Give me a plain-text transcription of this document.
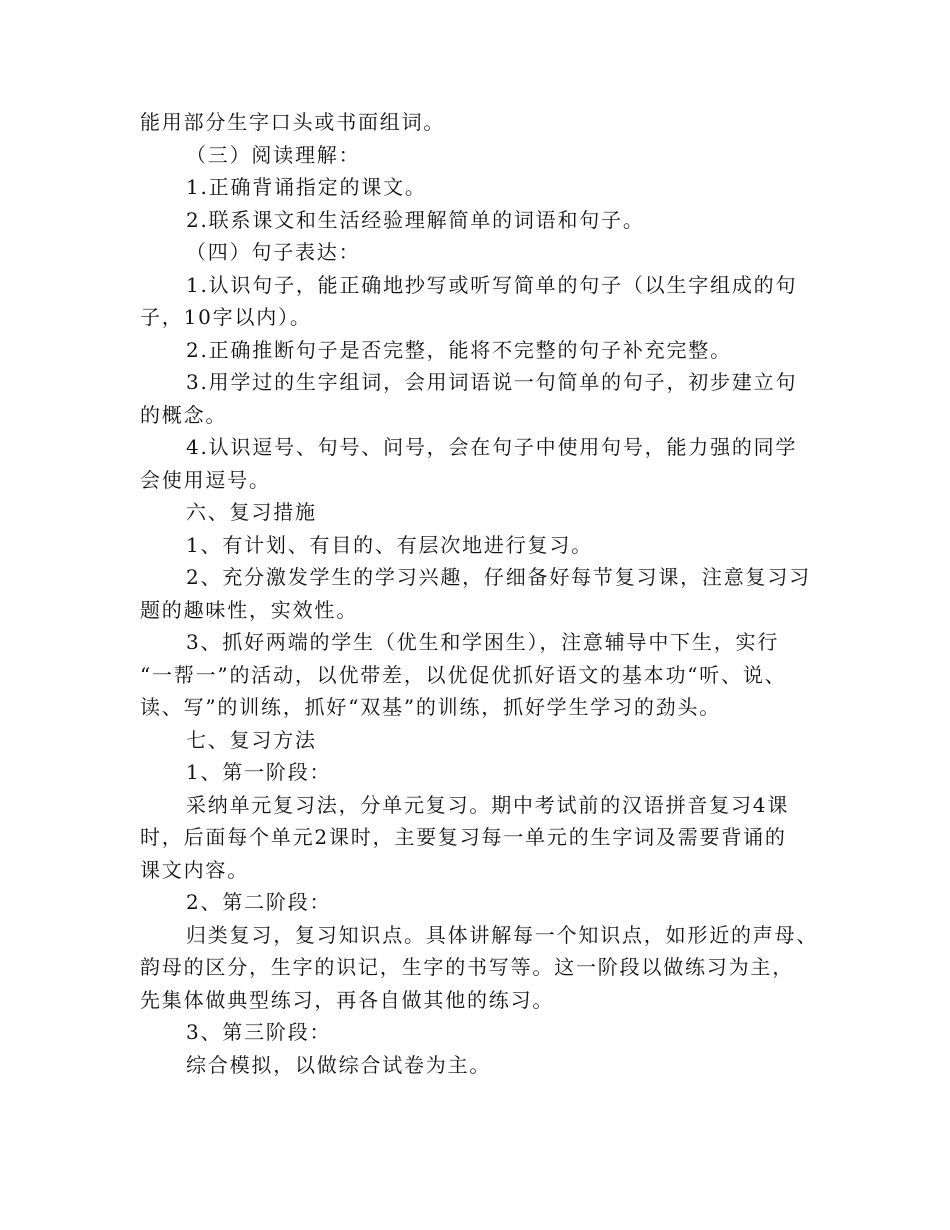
能用部分生字口头或书面组词。

（三）阅读理解：

1.正确背诵指定的课文。

2.联系课文和生活经验理解简单的词语和句子。

（四）句子表达：

1.认识句子，能正确地抄写或听写简单的句子（以生字组成的句

子，10字以内）。

2.正确推断句子是否完整，能将不完整的句子补充完整。

3.用学过的生字组词，会用词语说一句简单的句子，初步建立句

的概念。

4.认识逗号、句号、问号，会在句子中使用句号，能力强的同学

会使用逗号。

六、复习措施

1、有计划、有目的、有层次地进行复习。

2、充分激发学生的学习兴趣，仔细备好每节复习课，注意复习习

题的趣味性，实效性。

3、抓好两端的学生（优生和学困生），注意辅导中下生，实行

“一帮一”的活动，以优带差，以优促优抓好语文的基本功“听、说、

读、写”的训练，抓好“双基”的训练，抓好学生学习的劲头。

七、复习方法

1、第一阶段：

采纳单元复习法，分单元复习。期中考试前的汉语拼音复习4课

时，后面每个单元2课时，主要复习每一单元的生字词及需要背诵的

课文内容。

2、第二阶段：

归类复习，复习知识点。具体讲解每一个知识点，如形近的声母、

韵母的区分，生字的识记，生字的书写等。这一阶段以做练习为主，

先集体做典型练习，再各自做其他的练习。

3、第三阶段：

综合模拟，以做综合试卷为主。
